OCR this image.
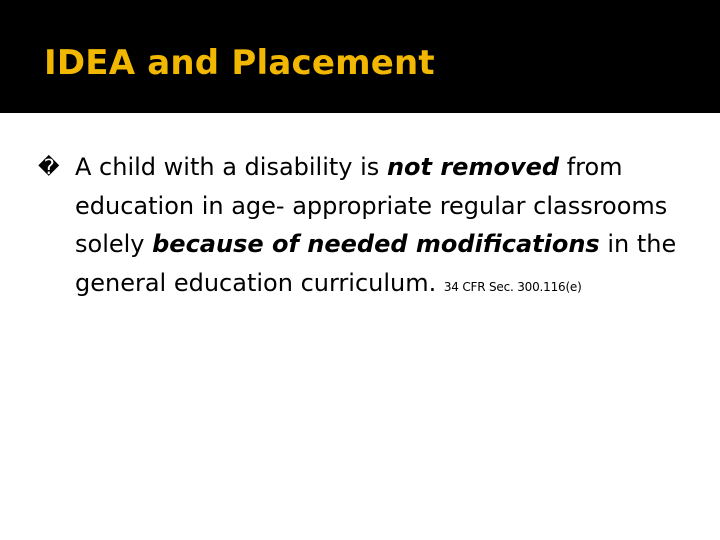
IDEA and Placement
� A child with a disability is not removed from education in age- appropriate regular classrooms solely because of needed modifications in the general education curriculum. 34 CFR Sec. 300.116(e)
